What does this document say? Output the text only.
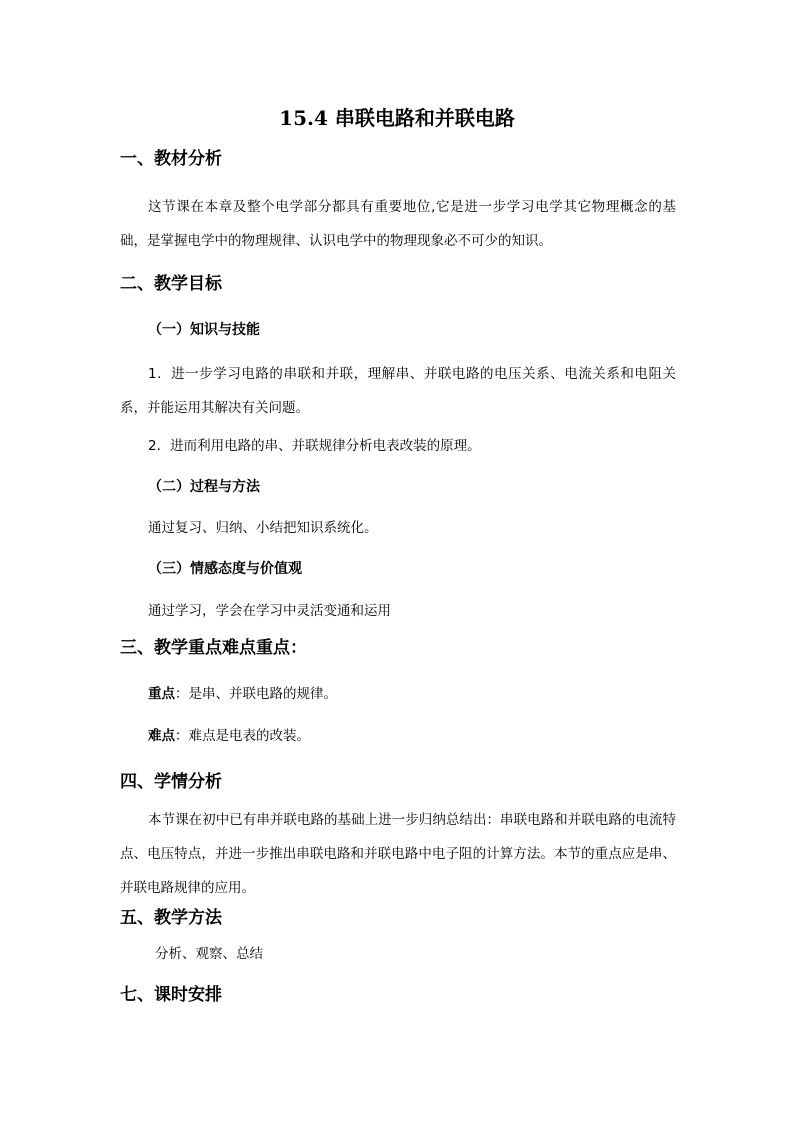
15.4 串联电路和并联电路
一、教材分析
这节课在本章及整个电学部分都具有重要地位,它是进一步学习电学其它物理概念的基础，是掌握电学中的物理规律、认识电学中的物理现象必不可少的知识。
二、教学目标
（一）知识与技能
1．进一步学习电路的串联和并联，理解串、并联电路的电压关系、电流关系和电阻关系，并能运用其解决有关问题。
2．进而利用电路的串、并联规律分析电表改装的原理。
（二）过程与方法
通过复习、归纳、小结把知识系统化。
（三）情感态度与价值观
通过学习，学会在学习中灵活变通和运用
三、教学重点难点重点：
重点：是串、并联电路的规律。
难点：难点是电表的改装。
四、学情分析
本节课在初中已有串并联电路的基础上进一步归纳总结出：串联电路和并联电路的电流特点、电压特点，并进一步推出串联电路和并联电路中电子阻的计算方法。本节的重点应是串、并联电路规律的应用。
五、教学方法
分析、观察、总结
七、课时安排
